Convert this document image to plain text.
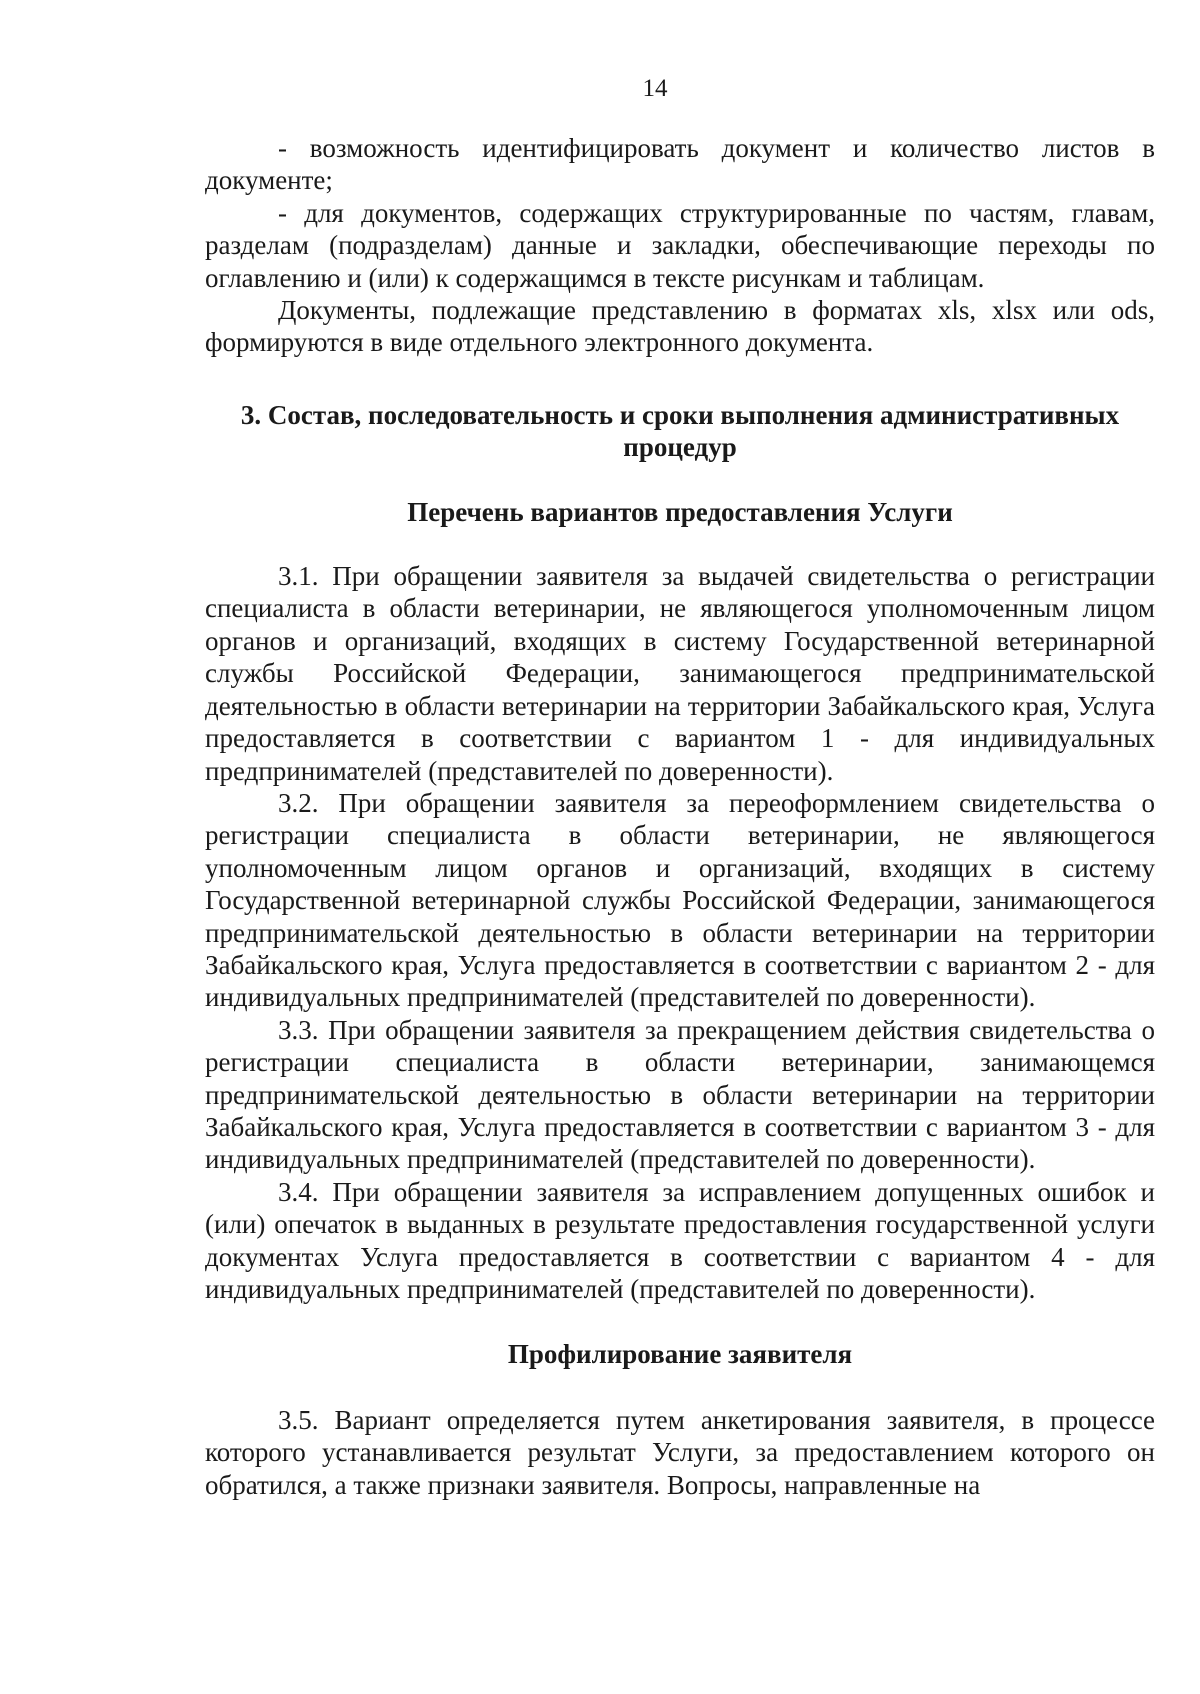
14

- возможность идентифицировать документ и количество листов в документе;

- для документов, содержащих структурированные по частям, главам, разделам (подразделам) данные и закладки, обеспечивающие переходы по оглавлению и (или) к содержащимся в тексте рисункам и таблицам.

Документы, подлежащие представлению в форматах xls, xlsx или ods, формируются в виде отдельного электронного документа.

3. Состав, последовательность и сроки выполнения административных процедур
Перечень вариантов предоставления Услуги

3.1. При обращении заявителя за выдачей свидетельства о регистрации специалиста в области ветеринарии, не являющегося уполномоченным лицом органов и организаций, входящих в систему Государственной ветеринарной службы Российской Федерации, занимающегося предпринимательской деятельностью в области ветеринарии на территории Забайкальского края, Услуга предоставляется в соответствии с вариантом 1 - для индивидуальных предпринимателей (представителей по доверенности).

3.2. При обращении заявителя за переоформлением свидетельства о регистрации специалиста в области ветеринарии, не являющегося уполномоченным лицом органов и организаций, входящих в систему Государственной ветеринарной службы Российской Федерации, занимающегося предпринимательской деятельностью в области ветеринарии на территории Забайкальского края, Услуга предоставляется в соответствии с вариантом 2 - для индивидуальных предпринимателей (представителей по доверенности).

3.3. При обращении заявителя за прекращением действия свидетельства о регистрации специалиста в области ветеринарии, занимающемся предпринимательской деятельностью в области ветеринарии на территории Забайкальского края, Услуга предоставляется в соответствии с вариантом 3 - для индивидуальных предпринимателей (представителей по доверенности).

3.4. При обращении заявителя за исправлением допущенных ошибок и (или) опечаток в выданных в результате предоставления государственной услуги документах Услуга предоставляется в соответствии с вариантом 4 - для индивидуальных предпринимателей (представителей по доверенности).

Профилирование заявителя

3.5. Вариант определяется путем анкетирования заявителя, в процессе которого устанавливается результат Услуги, за предоставлением которого он обратился, а также признаки заявителя. Вопросы, направленные на
